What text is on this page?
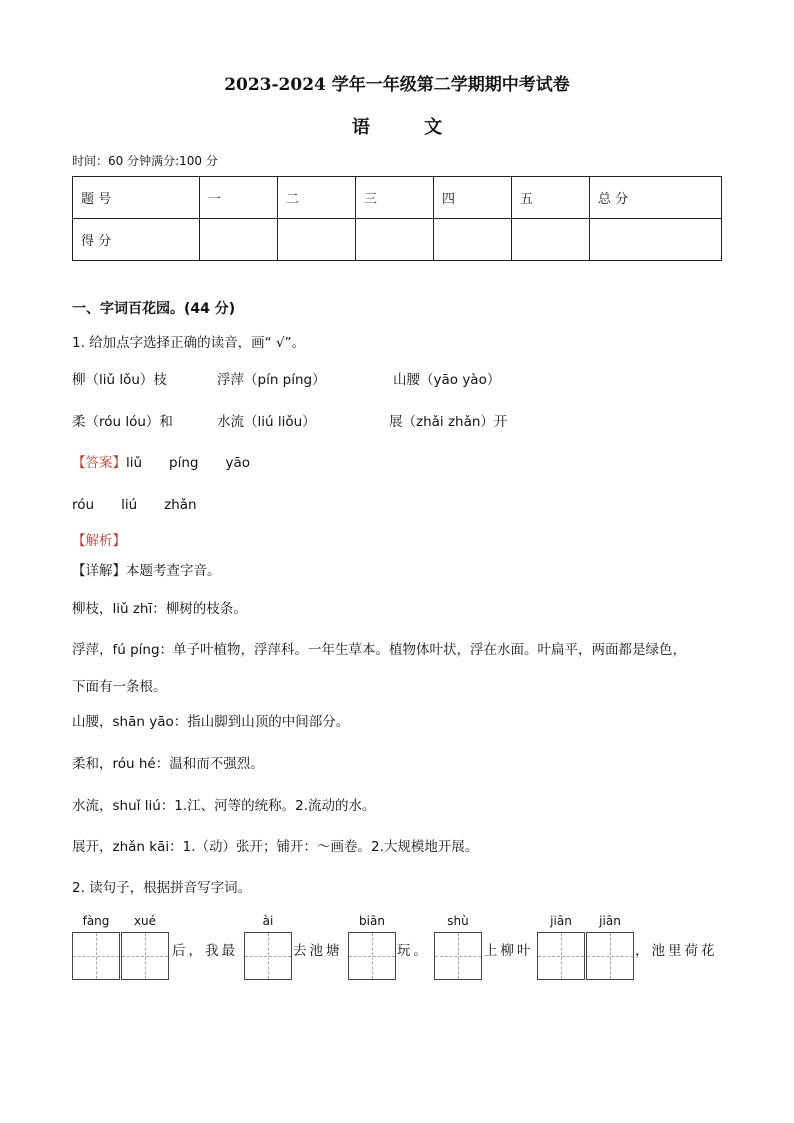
2023-2024 学年一年级第二学期期中考试卷
语 文
时间：60 分钟满分:100 分
题 号	一	二	三	四	五	总 分
得 分						
一、字词百花园。(44 分)
1. 给加点字选择正确的读音，画“ √”。
柳（liǔ lǒu）枝	浮萍（pín píng）	山腰（yāo yào）
柔（róu lóu）和	水流（liú liǒu）	展（zhǎi zhǎn）开
【答案】liǔ　　píng　　yāo
róu　　liú　　zhǎn
【解析】
【详解】本题考查字音。
柳枝，liǔ zhī：柳树的枝条。
浮萍，fú píng：单子叶植物，浮萍科。一年生草本。植物体叶状，浮在水面。叶扁平，两面都是绿色，
下面有一条根。
山腰，shān yāo：指山脚到山顶的中间部分。
柔和，róu hé：温和而不强烈。
水流，shuǐ liú：1.江、河等的统称。2.流动的水。
展开，zhǎn kāi：1.（动）张开；铺开：～画卷。2.大规模地开展。
2. 读句子，根据拼音写字词。
fàng	xué	ài	biān	shù	jiān	jiān
后，我最	去池塘	玩。	上柳叶	，池里荷花
